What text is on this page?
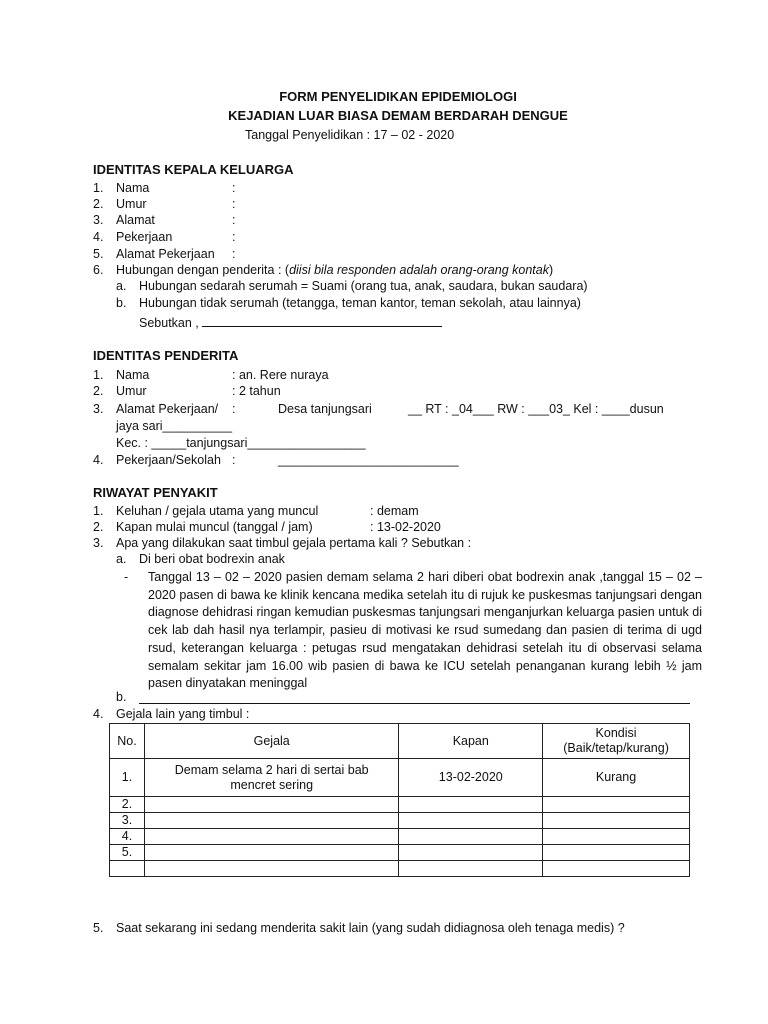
FORM PENYELIDIKAN EPIDEMIOLOGI
KEJADIAN LUAR BIASA DEMAM BERDARAH DENGUE
Tanggal Penyelidikan : 17 – 02 - 2020
IDENTITAS KEPALA KELUARGA
1. Nama	:
2. Umur	:
3. Alamat	:
4. Pekerjaan	:
5. Alamat Pekerjaan :
6. Hubungan dengan penderita : (diisi bila responden adalah orang-orang kontak)
a. Hubungan sedarah serumah = Suami (orang tua, anak, saudara, bukan saudara)
b. Hubungan tidak serumah (tetangga, teman kantor, teman sekolah, atau lainnya)
Sebutkan ,
IDENTITAS PENDERITA
1. Nama	: an. Rere nuraya
2. Umur	: 2 tahun
3. Alamat Pekerjaan/ :	Desa tanjungsari	__ RT : _04___ RW : ___03_ Kel : ____dusun
jaya sari__________
Kec. : _____tanjungsari_________________
4. Pekerjaan/Sekolah :	__________________________
RIWAYAT PENYAKIT
1. Keluhan / gejala utama yang muncul	: demam
2. Kapan mulai muncul (tanggal / jam)	: 13-02-2020
3. Apa yang dilakukan saat timbul gejala pertama kali ? Sebutkan :
a. Di beri obat bodrexin anak
- Tanggal 13 – 02 – 2020 pasien demam selama 2 hari diberi obat bodrexin anak ,tanggal 15 – 02 – 2020 pasen di bawa ke klinik kencana medika setelah itu di rujuk ke puskesmas tanjungsari dengan diagnose dehidrasi ringan kemudian puskesmas tanjungsari menganjurkan keluarga pasien untuk di cek lab dah hasil nya terlampir, pasieu di motivasi ke rsud sumedang dan pasien di terima di ugd rsud, keterangan keluarga : petugas rsud mengatakan dehidrasi setelah itu di observasi selama semalam sekitar jam 16.00 wib pasien di bawa ke ICU setelah penanganan kurang lebih ½ jam pasen dinyatakan meninggal
b.
4. Gejala lain yang timbul :
No.	Gejala	Kapan	Kondisi
(Baik/tetap/kurang)

1.	Demam selama 2 hari di sertai bab mencret sering	13-02-2020	Kurang
2.			
3.			
4.			
5.			

5. Saat sekarang ini sedang menderita sakit lain (yang sudah didiagnosa oleh tenaga medis) ?
